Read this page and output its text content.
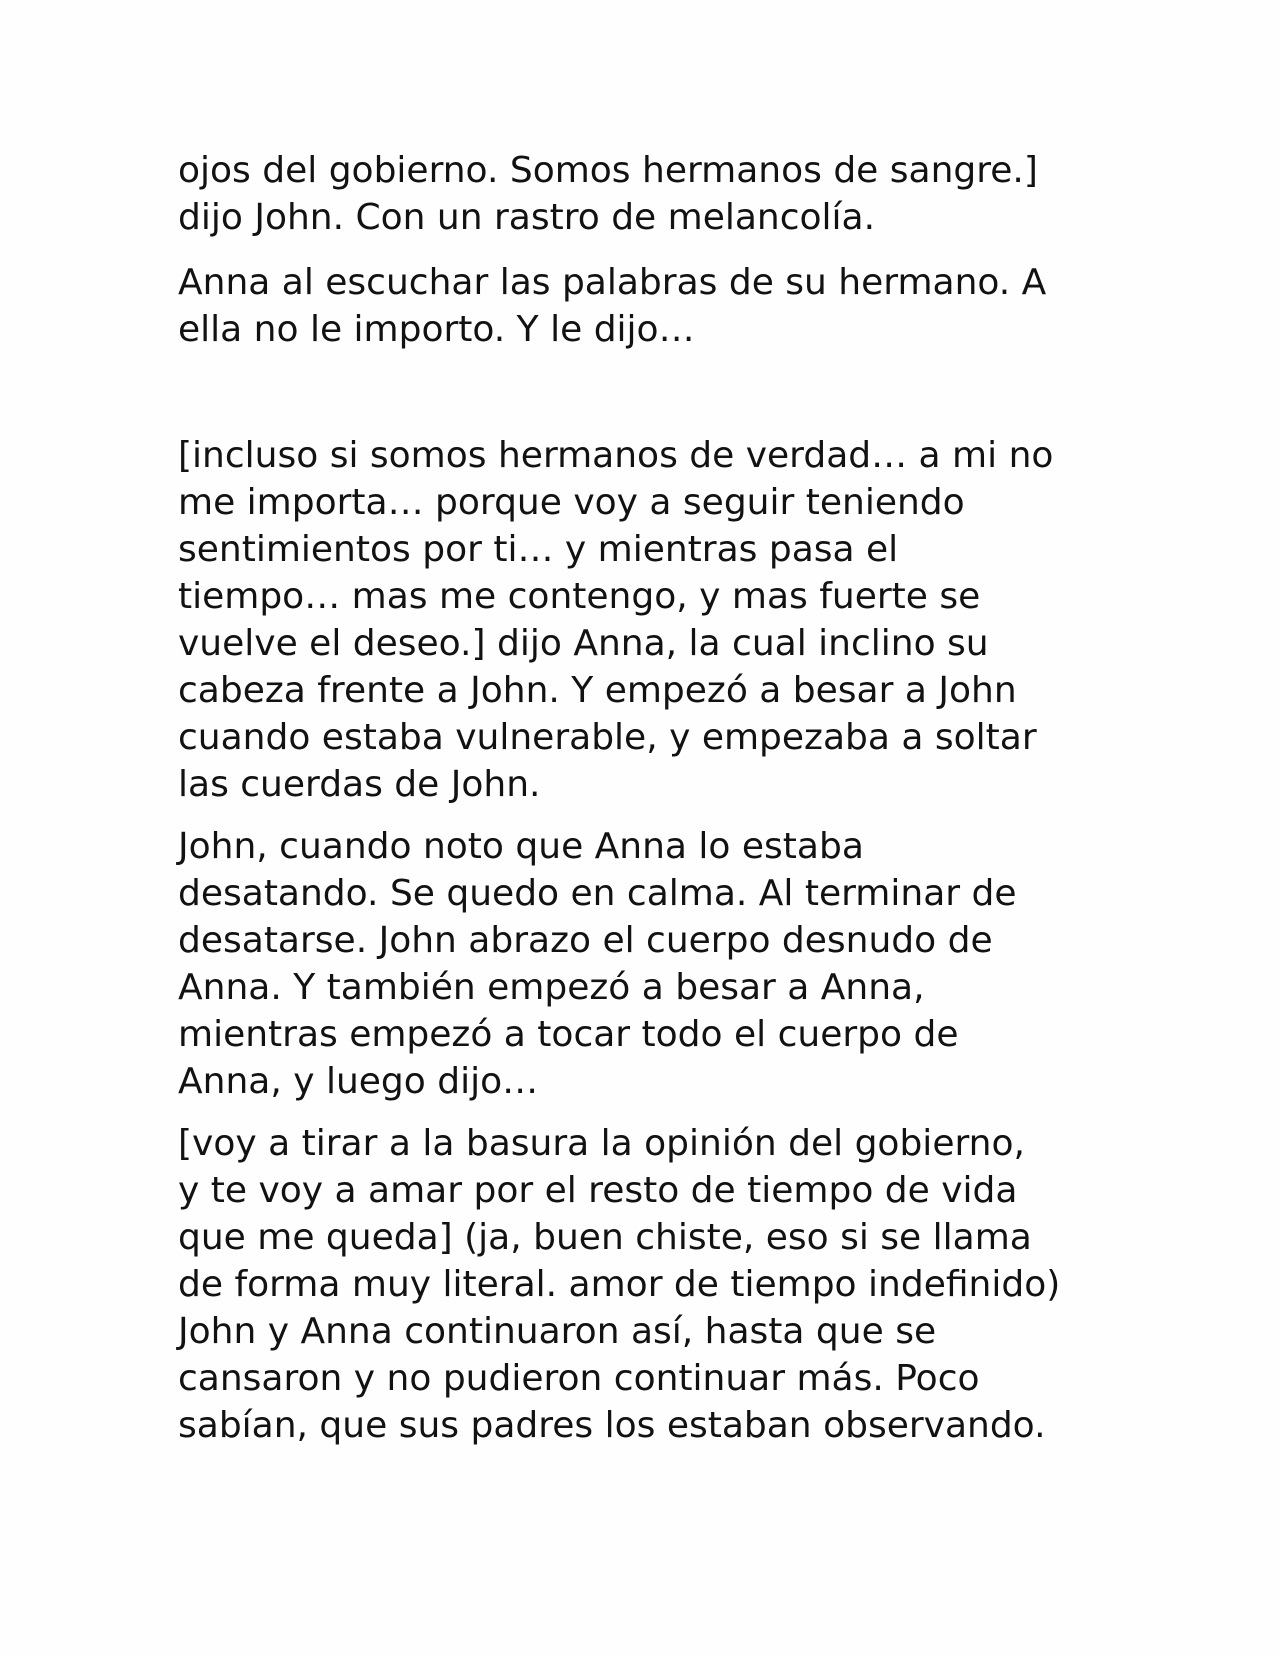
ojos del gobierno. Somos hermanos de sangre.]
dijo John. Con un rastro de melancolía.

Anna al escuchar las palabras de su hermano. A
ella no le importo. Y le dijo…

[incluso si somos hermanos de verdad… a mi no
me importa… porque voy a seguir teniendo
sentimientos por ti… y mientras pasa el
tiempo… mas me contengo, y mas fuerte se
vuelve el deseo.] dijo Anna, la cual inclino su
cabeza frente a John. Y empezó a besar a John
cuando estaba vulnerable, y empezaba a soltar
las cuerdas de John.

John, cuando noto que Anna lo estaba
desatando. Se quedo en calma. Al terminar de
desatarse. John abrazo el cuerpo desnudo de
Anna. Y también empezó a besar a Anna,
mientras empezó a tocar todo el cuerpo de
Anna, y luego dijo…

[voy a tirar a la basura la opinión del gobierno,
y te voy a amar por el resto de tiempo de vida
que me queda] (ja, buen chiste, eso si se llama
de forma muy literal. amor de tiempo indefinido)
John y Anna continuaron así, hasta que se
cansaron y no pudieron continuar más. Poco
sabían, que sus padres los estaban observando.
